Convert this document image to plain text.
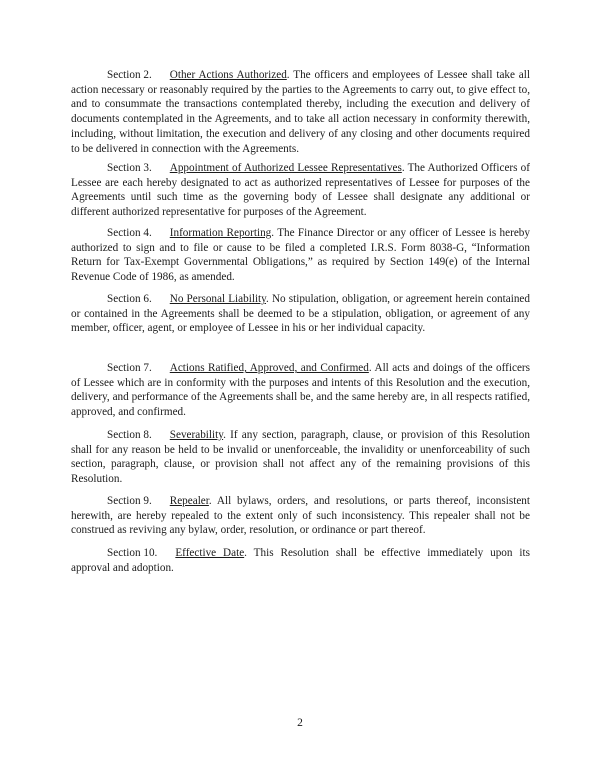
Section 2. Other Actions Authorized. The officers and employees of Lessee shall take all action necessary or reasonably required by the parties to the Agreements to carry out, to give effect to, and to consummate the transactions contemplated thereby, including the execution and delivery of documents contemplated in the Agreements, and to take all action necessary in conformity therewith, including, without limitation, the execution and delivery of any closing and other documents required to be delivered in connection with the Agreements.

Section 3. Appointment of Authorized Lessee Representatives. The Authorized Officers of Lessee are each hereby designated to act as authorized representatives of Lessee for purposes of the Agreements until such time as the governing body of Lessee shall designate any additional or different authorized representative for purposes of the Agreement.

Section 4. Information Reporting. The Finance Director or any officer of Lessee is hereby authorized to sign and to file or cause to be filed a completed I.R.S. Form 8038-G, “Information Return for Tax-Exempt Governmental Obligations,” as required by Section 149(e) of the Internal Revenue Code of 1986, as amended.

Section 6. No Personal Liability. No stipulation, obligation, or agreement herein contained or contained in the Agreements shall be deemed to be a stipulation, obligation, or agreement of any member, officer, agent, or employee of Lessee in his or her individual capacity.

Section 7. Actions Ratified, Approved, and Confirmed. All acts and doings of the officers of Lessee which are in conformity with the purposes and intents of this Resolution and the execution, delivery, and performance of the Agreements shall be, and the same hereby are, in all respects ratified, approved, and confirmed.

Section 8. Severability. If any section, paragraph, clause, or provision of this Resolution shall for any reason be held to be invalid or unenforceable, the invalidity or unenforceability of such section, paragraph, clause, or provision shall not affect any of the remaining provisions of this Resolution.

Section 9. Repealer. All bylaws, orders, and resolutions, or parts thereof, inconsistent herewith, are hereby repealed to the extent only of such inconsistency. This repealer shall not be construed as reviving any bylaw, order, resolution, or ordinance or part thereof.

Section 10. Effective Date. This Resolution shall be effective immediately upon its approval and adoption.

2
